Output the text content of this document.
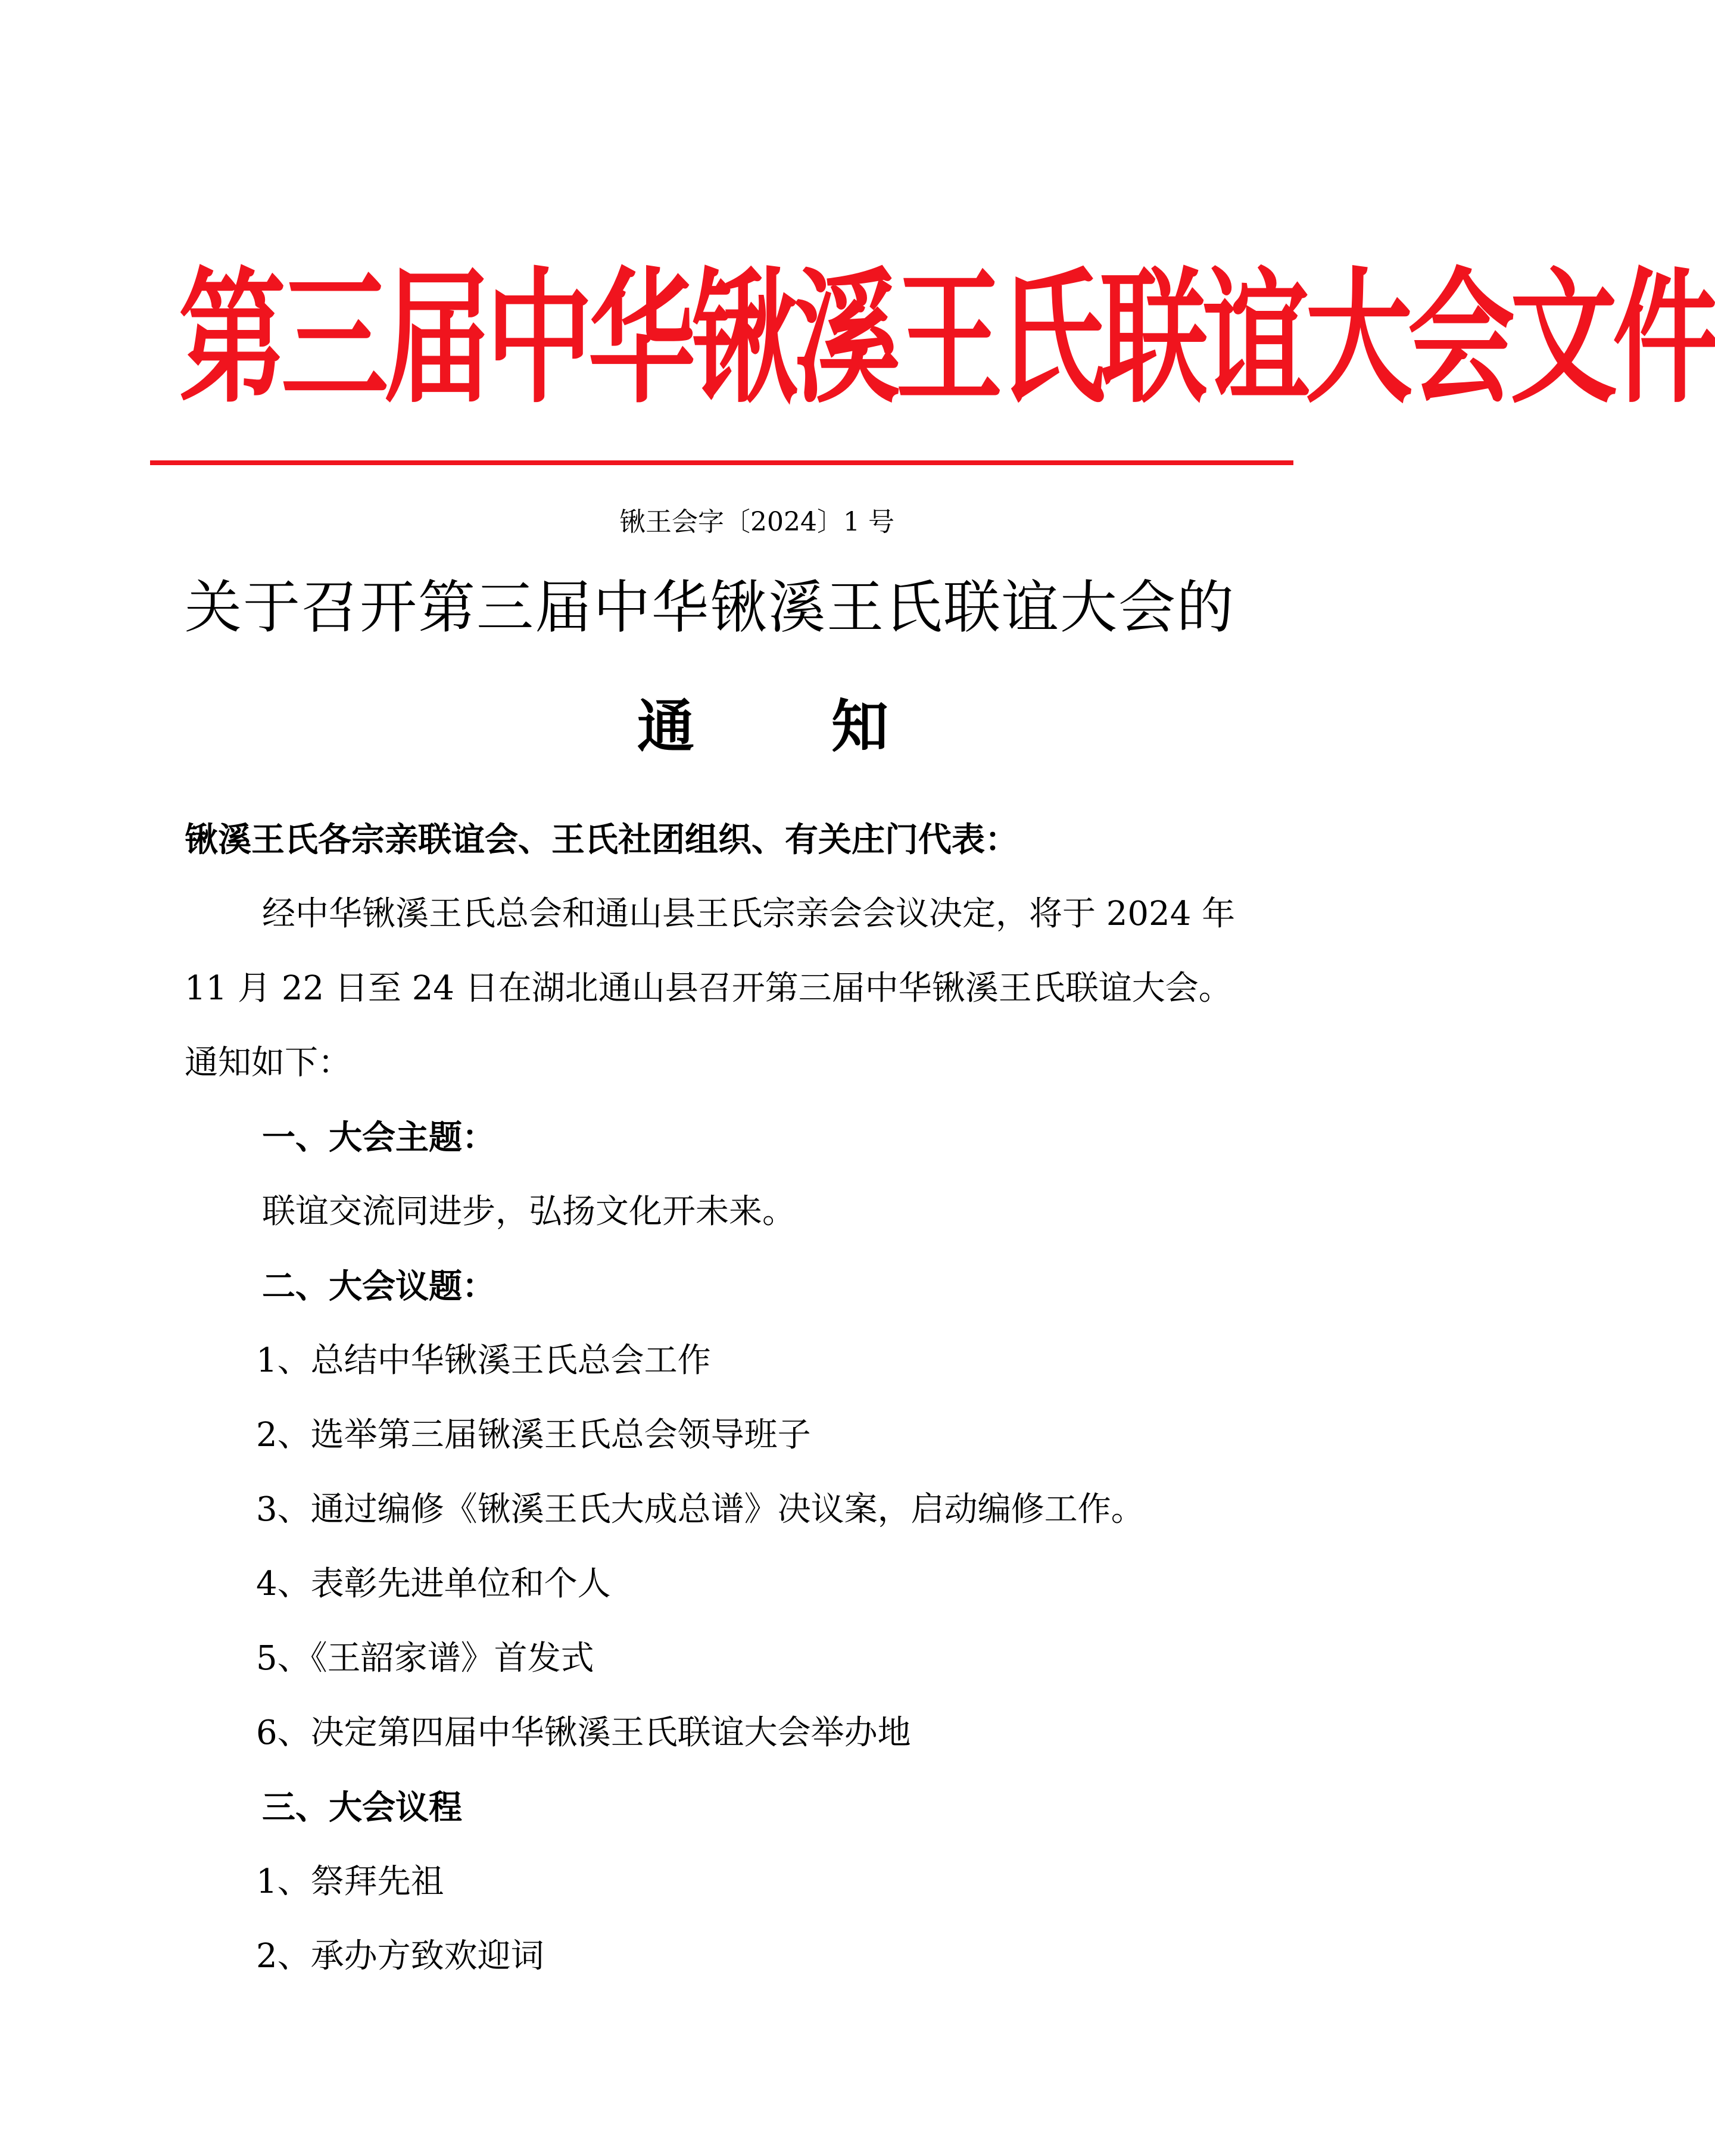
第三届中华锹溪王氏联谊大会文件
锹王会字〔2024〕1 号
关于召开第三届中华锹溪王氏联谊大会的
通 知
锹溪王氏各宗亲联谊会、王氏社团组织、有关庄门代表：
经中华锹溪王氏总会和通山县王氏宗亲会会议决定，将于 2024 年
11 月 22 日至 24 日在湖北通山县召开第三届中华锹溪王氏联谊大会。
通知如下：
一、大会主题：
联谊交流同进步，弘扬文化开未来。
二、大会议题：
1、总结中华锹溪王氏总会工作
2、选举第三届锹溪王氏总会领导班子
3、通过编修《锹溪王氏大成总谱》决议案，启动编修工作。
4、表彰先进单位和个人
5、《王韶家谱》首发式
6、决定第四届中华锹溪王氏联谊大会举办地
三、大会议程
1、祭拜先祖
2、承办方致欢迎词
